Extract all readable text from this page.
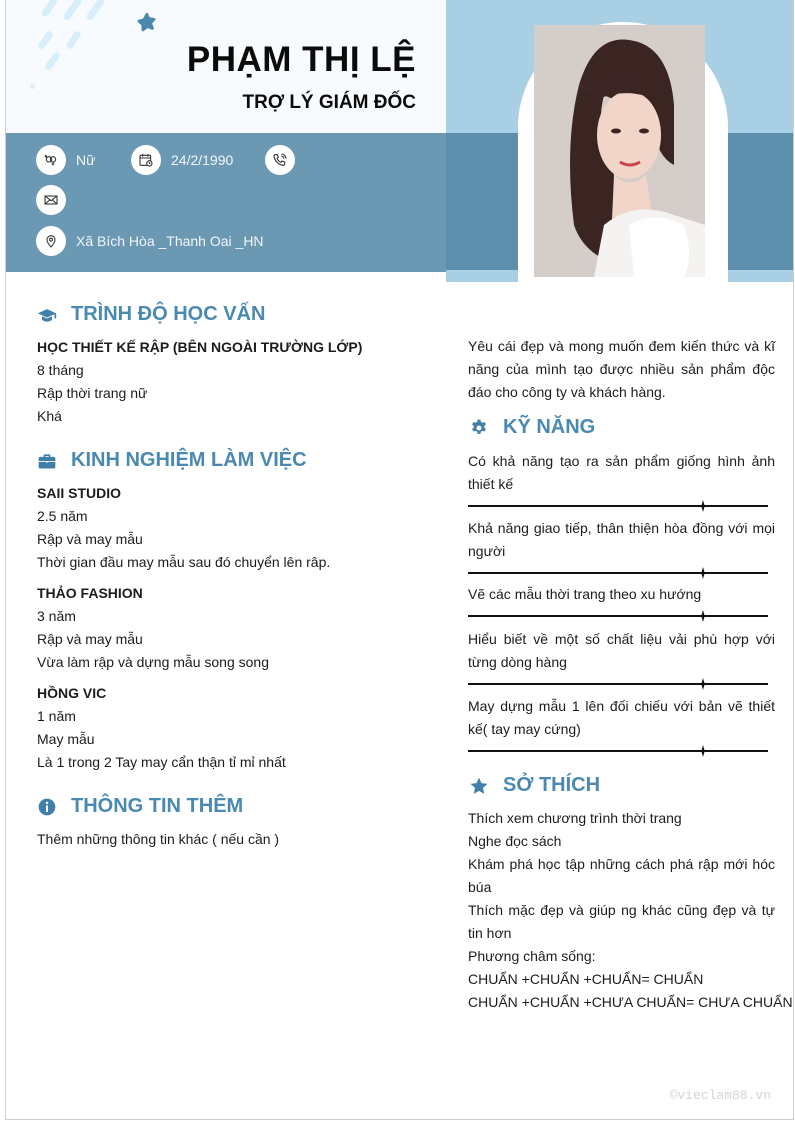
PHẠM THỊ LỆ
TRỢ LÝ GIÁM ĐỐC
Nữ	24/2/1990
Xã Bích Hòa _Thanh Oai _HN
TRÌNH ĐỘ HỌC VẤN
HỌC THIẾT KẾ RẬP (BÊN NGOÀI TRƯỜNG LỚP)
8 tháng
Rập thời trang nữ
Khá
KINH NGHIỆM LÀM VIỆC
SAII STUDIO
2.5 năm
Rập và may mẫu
Thời gian đầu may mẫu sau đó chuyển lên râp.
THẢO FASHION
3 năm
Rập và may mẫu
Vừa làm rập và dựng mẫu song song
HỒNG VIC
1 năm
May mẫu
Là 1 trong 2 Tay may cẩn thận tỉ mỉ nhất
THÔNG TIN THÊM
Thêm những thông tin khác ( nếu cần )
Yêu cái đẹp và mong muốn đem kiến thức và kĩ năng của mình tạo được nhiều sản phẩm độc đáo cho công ty và khách hàng.
KỸ NĂNG
Có khả năng tạo ra sản phẩm giống hình ảnh thiết kế
Khả năng giao tiếp, thân thiện hòa đồng với mọi người
Vẽ các mẫu thời trang theo xu hướng
Hiểu biết về một số chất liệu vải phù hợp với từng dòng hàng
May dựng mẫu 1 lên đối chiếu với bản vẽ thiết kế( tay may cứng)
SỞ THÍCH
Thích xem chương trình thời trang
Nghe đọc sách
Khám phá học tập những cách phá rập mới hóc búa
Thích mặc đẹp và giúp ng khác cũng đẹp và tự tin hơn
Phương châm sống:
CHUẨN +CHUẨN +CHUẨN= CHUẨN
CHUẨN +CHUẨN +CHƯA CHUẨN= CHƯA CHUẨN
©vieclam88.vn
